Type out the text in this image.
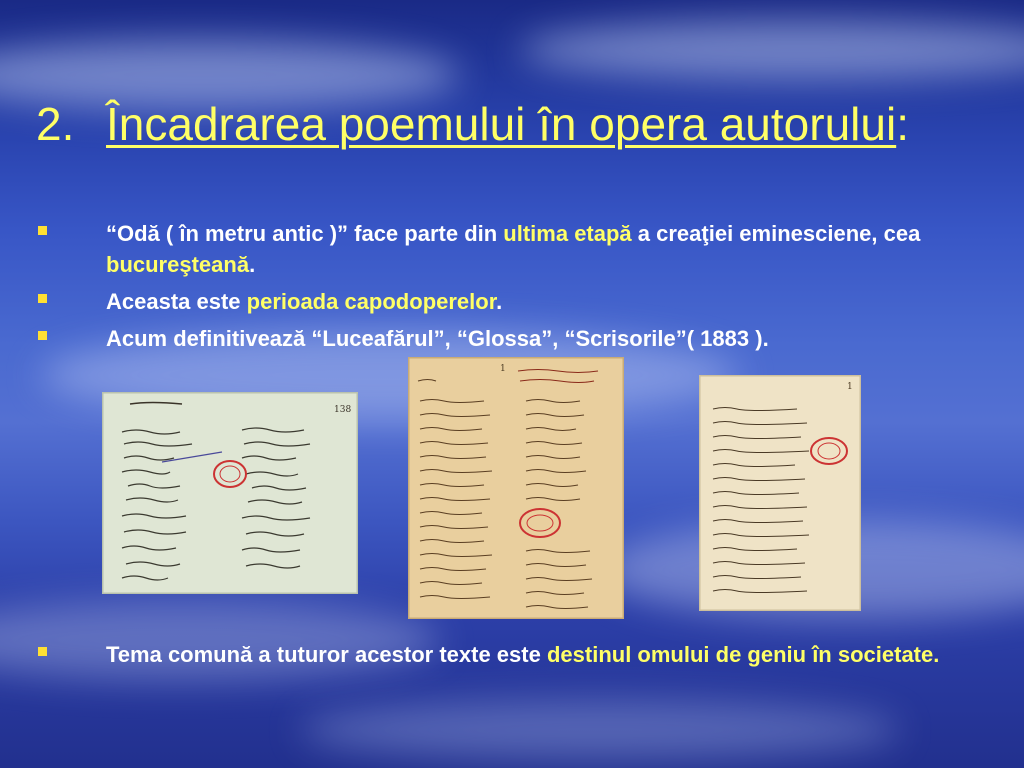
2. Încadrarea poemului în opera autorului:
“Odă ( în metru antic )” face parte din ultima etapă a creaţiei eminesciene, cea bucureşteană.
Aceasta este perioada capodoperelor.
Acum definitivează “Luceafărul”, “Glossa”, “Scrisorile”( 1883 ).
138
1
1
Tema comună a tuturor acestor texte este destinul omului de geniu în societate.
